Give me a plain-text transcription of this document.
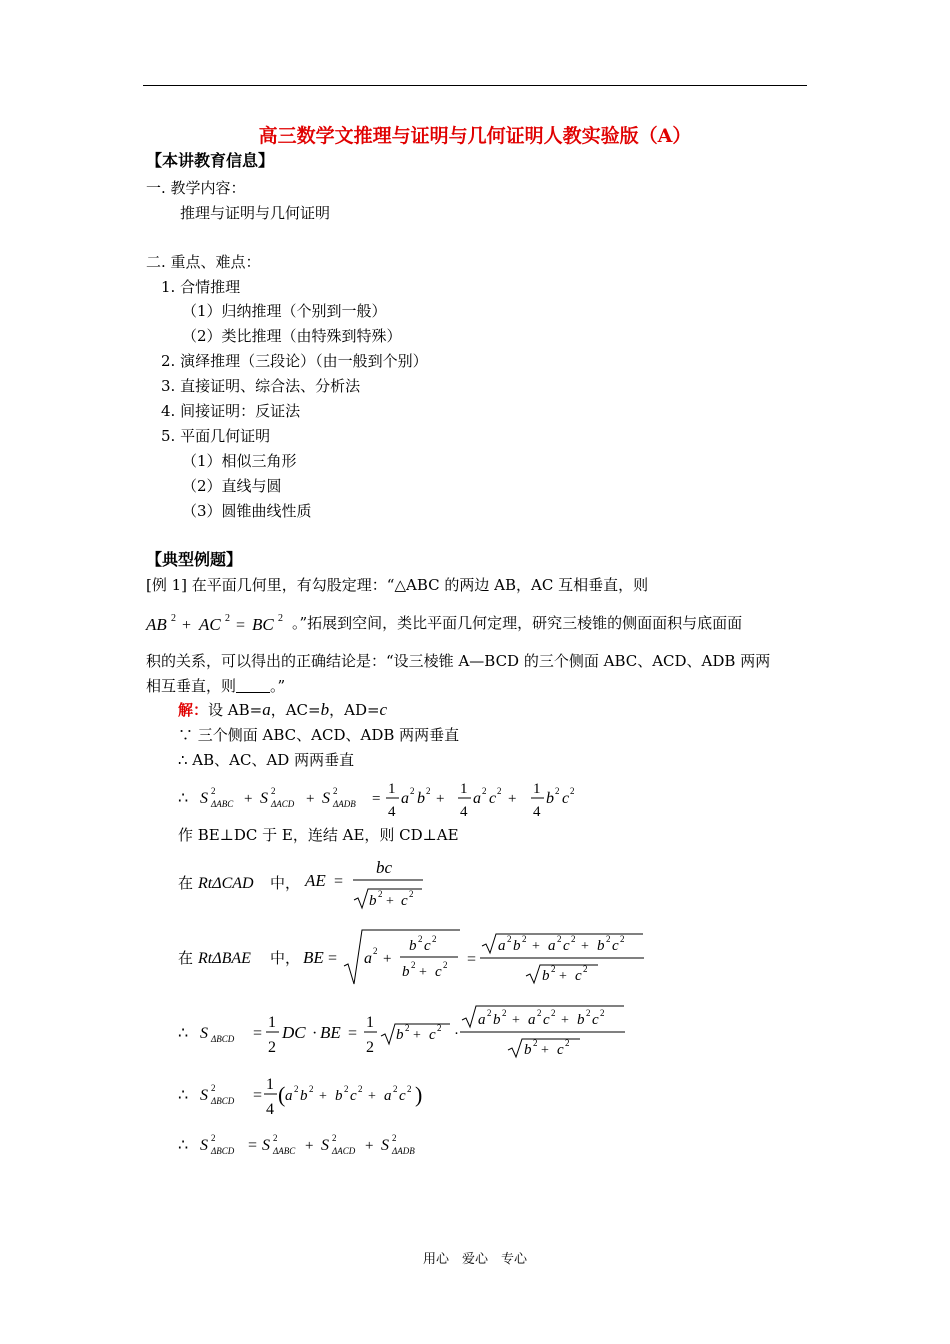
高三数学文推理与证明与几何证明人教实验版（A）
【本讲教育信息】
一. 教学内容：
推理与证明与几何证明
二. 重点、难点：
1. 合情推理
（1）归纳推理（个别到一般）
（2）类比推理（由特殊到特殊）
2. 演绎推理（三段论）（由一般到个别）
3. 直接证明、综合法、分析法
4. 间接证明：反证法
5. 平面几何证明
（1）相似三角形
（2）直线与圆
（3）圆锥曲线性质
【典型例题】
[例 1] 在平面几何里，有勾股定理：“△ABC 的两边 AB，AC 互相垂直，则
AB 2 + AC 2 = BC 2 。”拓展到空间，类比平面几何定理，研究三棱锥的侧面面积与底面面
积的关系，可以得出的正确结论是：“设三棱锥 A—BCD 的三个侧面 ABC、ACD、ADB 两两
相互垂直，则 。”
解：设 AB=a，AC=b，AD=c
∵ 三个侧面 ABC、ACD、ADB 两两垂直
∴ AB、AC、AD 两两垂直
∴ S 2
ΔABC + S 2
ΔACD + S 2
ΔADB =
1
4
a 2 b 2 +
1
4
a 2 c 2 +
1
4
b 2 c 2
作 BE⊥DC 于 E，连结 AE，则 CD⊥AE
在 RtΔCAD 中， AE =
bc
b 2 + c 2
在 RtΔBAE 中， BE = a 2 +
b 2 c 2
b 2 + c 2 =
a 2 b 2 + a 2 c 2 + b 2 c 2
b 2 + c 2
∴ S ΔBCD =
1
2
DC · BE =
1
2
b 2 + c 2 ·
a 2 b 2 + a 2 c 2 + b 2 c 2
b 2 + c 2
∴ S 2
ΔBCD =
1
4
( a 2 b 2 + b 2 c 2 + a 2 c 2 )
∴ S 2
ΔBCD = S 2
ΔABC + S 2
ΔACD + S 2
ΔADB
用心　爱心　专心
